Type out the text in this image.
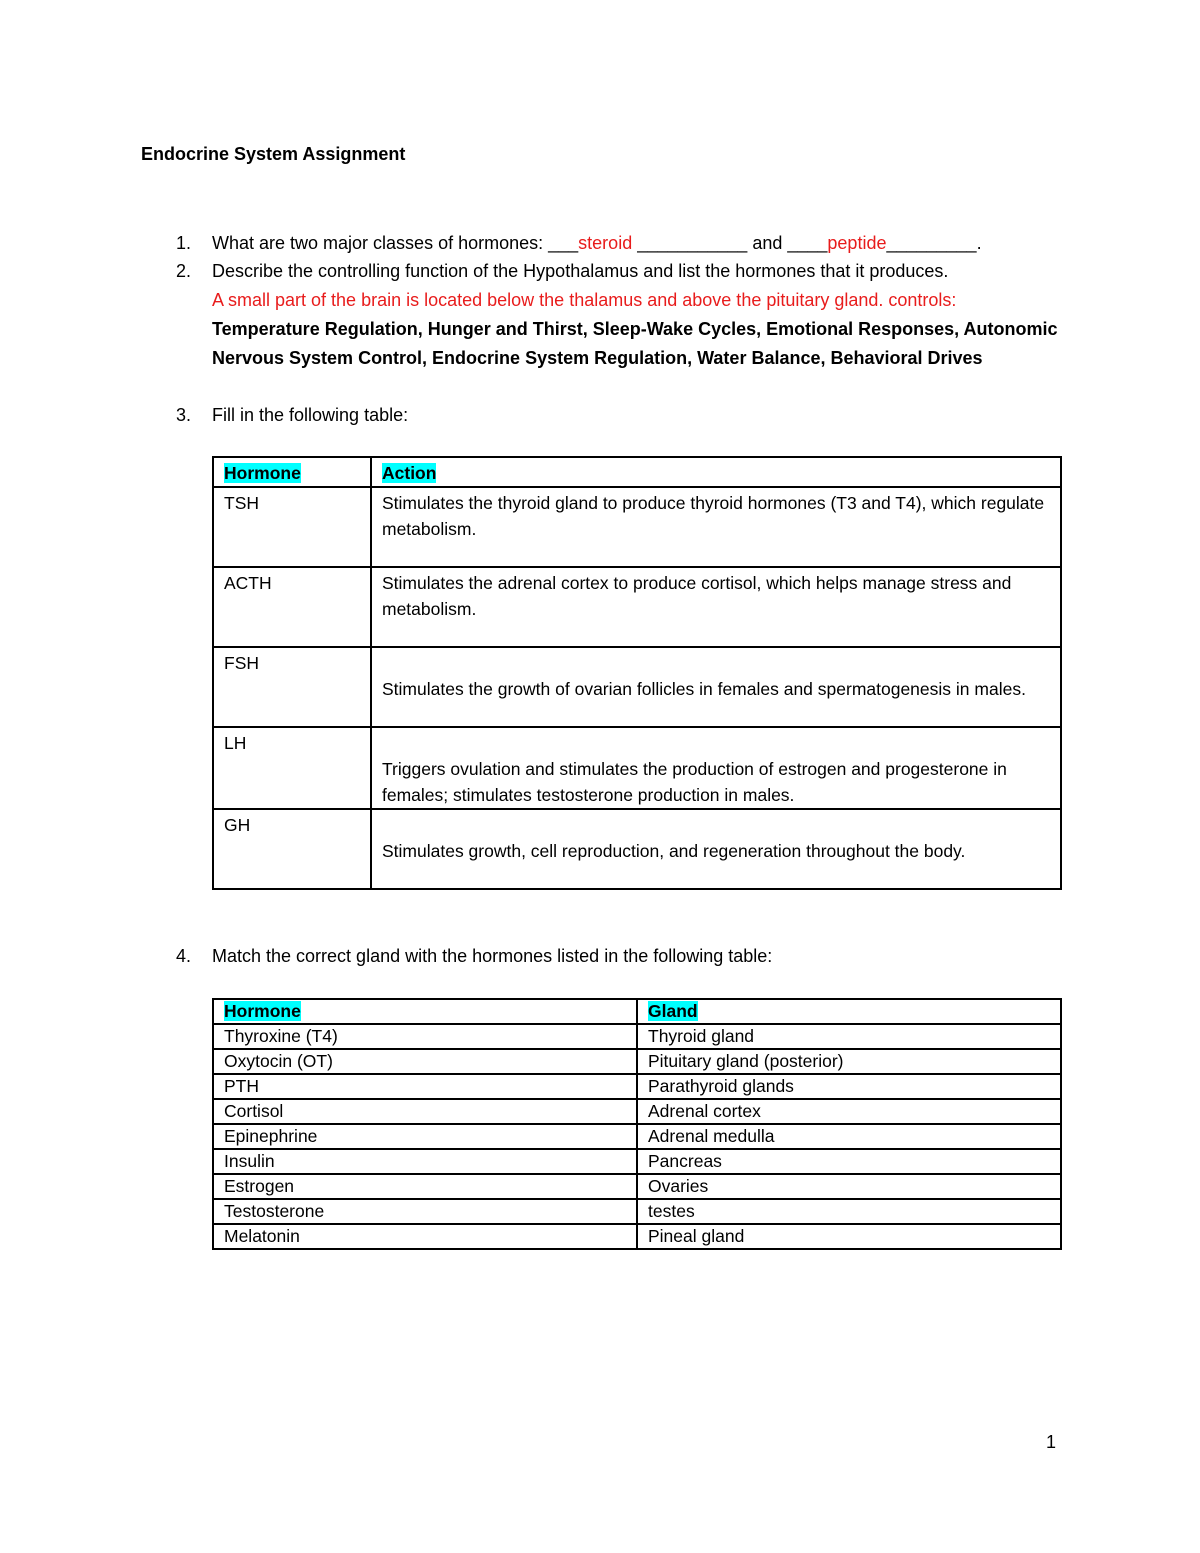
Endocrine System Assignment
1. What are two major classes of hormones: ___steroid ___________ and ____peptide_________.
2. Describe the controlling function of the Hypothalamus and list the hormones that it produces.
A small part of the brain is located below the thalamus and above the pituitary gland. controls:
Temperature Regulation, Hunger and Thirst, Sleep-Wake Cycles, Emotional Responses, Autonomic Nervous System Control, Endocrine System Regulation, Water Balance, Behavioral Drives
3. Fill in the following table:
Hormone	Action
TSH	Stimulates the thyroid gland to produce thyroid hormones (T3 and T4), which regulate metabolism.
ACTH	Stimulates the adrenal cortex to produce cortisol, which helps manage stress and metabolism.
FSH	Stimulates the growth of ovarian follicles in females and spermatogenesis in males.
LH	Triggers ovulation and stimulates the production of estrogen and progesterone in females; stimulates testosterone production in males.
GH	Stimulates growth, cell reproduction, and regeneration throughout the body.
4. Match the correct gland with the hormones listed in the following table:
Hormone	Gland
Thyroxine (T4)	Thyroid gland
Oxytocin (OT)	Pituitary gland (posterior)
PTH	Parathyroid glands
Cortisol	Adrenal cortex
Epinephrine	Adrenal medulla
Insulin	Pancreas
Estrogen	Ovaries
Testosterone	testes
Melatonin	Pineal gland
1
